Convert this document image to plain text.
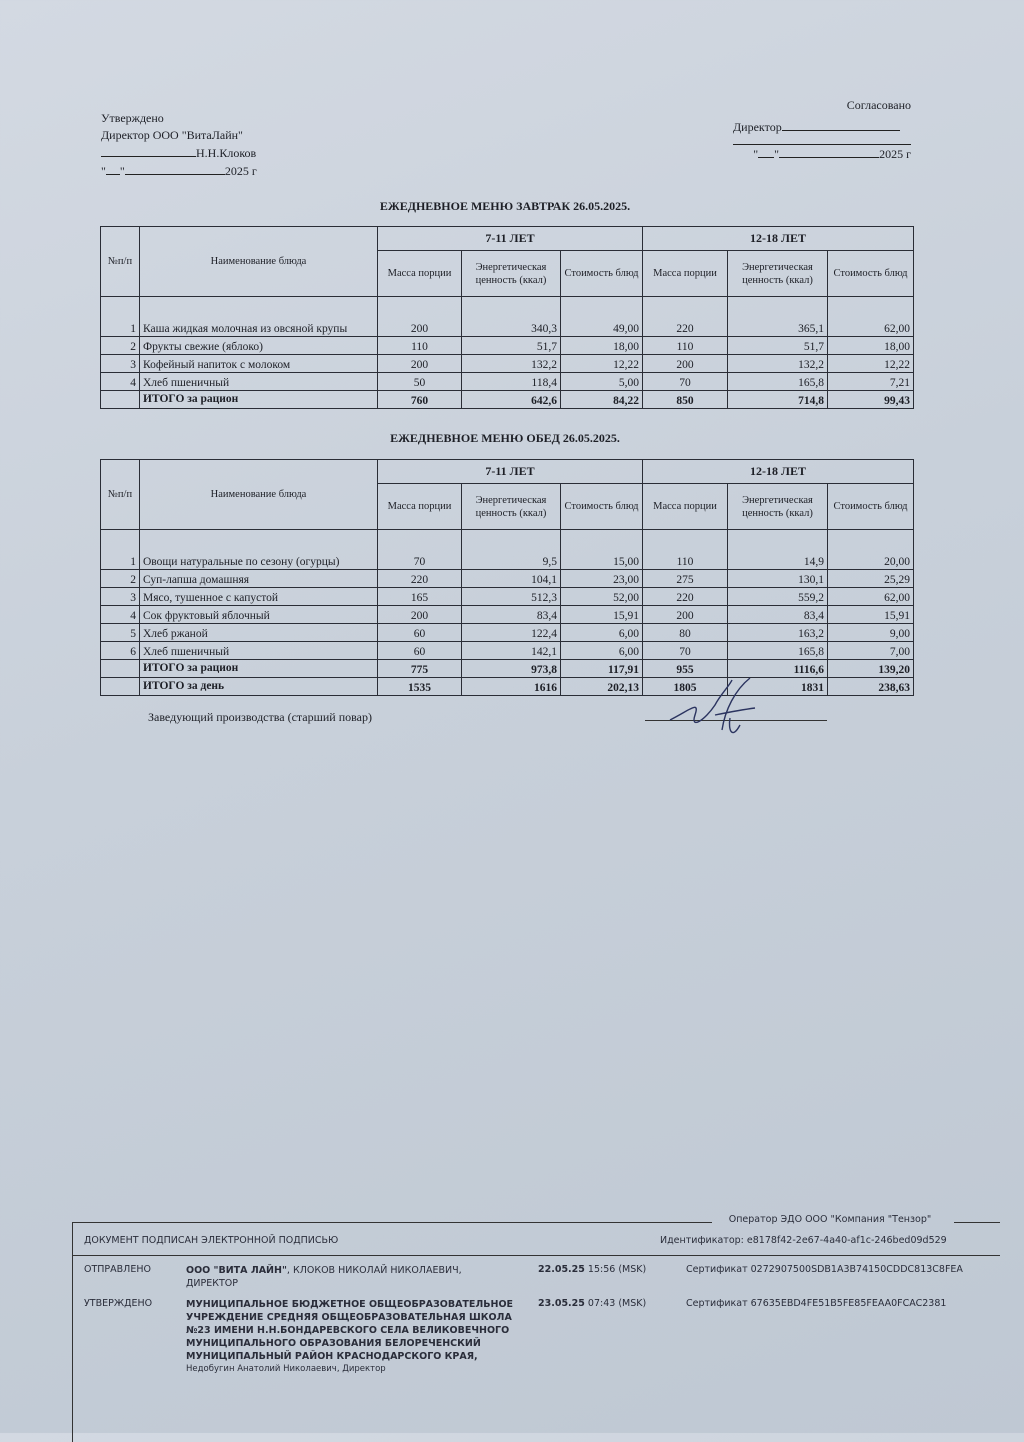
Утверждено
Директор ООО "ВитаЛайн"
Н.Н.Клоков
" "	2025 г
Согласовано
Директор
" "	2025 г
ЕЖЕДНЕВНОЕ МЕНЮ ЗАВТРАК 26.05.2025.
№п/п	Наименование блюда	7-11 ЛЕТ			12-18 ЛЕТ		
		Масса порции	Энергетическая ценность (ккал)	Стоимость блюд	Масса порции	Энергетическая ценность (ккал)	Стоимость блюд
1	Каша жидкая молочная из овсяной крупы	200	340,3	49,00	220	365,1	62,00
2	Фрукты свежие (яблоко)	110	51,7	18,00	110	51,7	18,00
3	Кофейный напиток с молоком	200	132,2	12,22	200	132,2	12,22
4	Хлеб пшеничный	50	118,4	5,00	70	165,8	7,21
	ИТОГО за рацион	760	642,6	84,22	850	714,8	99,43
ЕЖЕДНЕВНОЕ МЕНЮ ОБЕД 26.05.2025.
№п/п	Наименование блюда	7-11 ЛЕТ			12-18 ЛЕТ		
		Масса порции	Энергетическая ценность (ккал)	Стоимость блюд	Масса порции	Энергетическая ценность (ккал)	Стоимость блюд
1	Овощи натуральные по сезону (огурцы)	70	9,5	15,00	110	14,9	20,00
2	Суп-лапша домашняя	220	104,1	23,00	275	130,1	25,29
3	Мясо, тушенное с капустой	165	512,3	52,00	220	559,2	62,00
4	Сок фруктовый яблочный	200	83,4	15,91	200	83,4	15,91
5	Хлеб ржаной	60	122,4	6,00	80	163,2	9,00
6	Хлеб пшеничный	60	142,1	6,00	70	165,8	7,00
	ИТОГО за рацион	775	973,8	117,91	955	1116,6	139,20
	ИТОГО за день	1535	1616	202,13	1805	1831	238,63
Заведующий производства (старший повар)
Оператор ЭДО ООО "Компания "Тензор"
ДОКУМЕНТ ПОДПИСАН ЭЛЕКТРОННОЙ ПОДПИСЬЮ	Идентификатор: e8178f42-2e67-4a40-af1c-246bed09d529
ОТПРАВЛЕНО	ООО "ВИТА ЛАЙН", КЛОКОВ НИКОЛАЙ НИКОЛАЕВИЧ, ДИРЕКТОР
22.05.25 15:56 (MSK)	Сертификат 0272907500SDB1A3B74150CDDC813C8FEA
УТВЕРЖДЕНО	МУНИЦИПАЛЬНОЕ БЮДЖЕТНОЕ ОБЩЕОБРАЗОВАТЕЛЬНОЕ УЧРЕЖДЕНИЕ СРЕДНЯЯ ОБЩЕОБРАЗОВАТЕЛЬНАЯ ШКОЛА №23 ИМЕНИ Н.Н.БОНДАРЕВСКОГО СЕЛА ВЕЛИКОВЕЧНОГО МУНИЦИПАЛЬНОГО ОБРАЗОВАНИЯ БЕЛОРЕЧЕНСКИЙ МУНИЦИПАЛЬНЫЙ РАЙОН КРАСНОДАРСКОГО КРАЯ,
Недобугин Анатолий Николаевич, Директор
23.05.25 07:43 (MSK)	Сертификат 67635EBD4FE51B5FE85FEAA0FCAC2381
